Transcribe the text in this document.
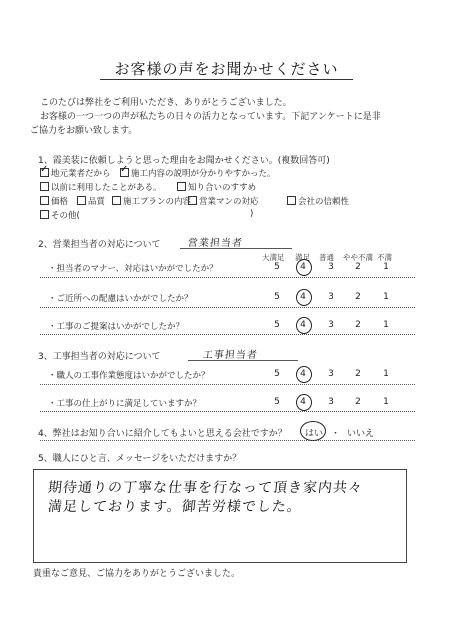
お客様の声をお聞かせください
このたびは弊社をご利用いただき、ありがとうございました。
お客様の一つ一つの声が私たちの日々の活力となっています。下記アンケートに是非
ご協力をお願い致します。
1、霞美装に依頼しようと思った理由をお聞かせください。(複数回答可)
✓地元業者だから ✓	施工内容の説明が分かりやすかった。
以前に利用したことがある。	知り合いのすすめ
価格	品質	施工プランの内容 営業マンの対応	会社の信頼性
その他(	)
2、営業担当者の対応について	営業担当者
大満足 満足 普通 やや不満 不満
・担当者のマナー、対応はいかがでしたか？	5	4	3	2	1
・ご近所への配慮はいかがでしたか？	5	4	3	2	1
・工事のご提案はいかがでしたか？	5	4	3	2	1
3、工事担当者の対応について	工事担当者
・職人の工事作業態度はいかがでしたか？	5	4	3	2	1
・工事の仕上がりに満足していますか？	5	4	3	2	1
4、弊社はお知り合いに紹介してもよいと思える会社ですか？ はい ・ いいえ
5、職人にひと言、メッセージをいただけますか？
期待通りの丁寧な仕事を行なって頂き家内共々
満足しております。御苦労様でした。
貴重なご意見、ご協力をありがとうございました。
